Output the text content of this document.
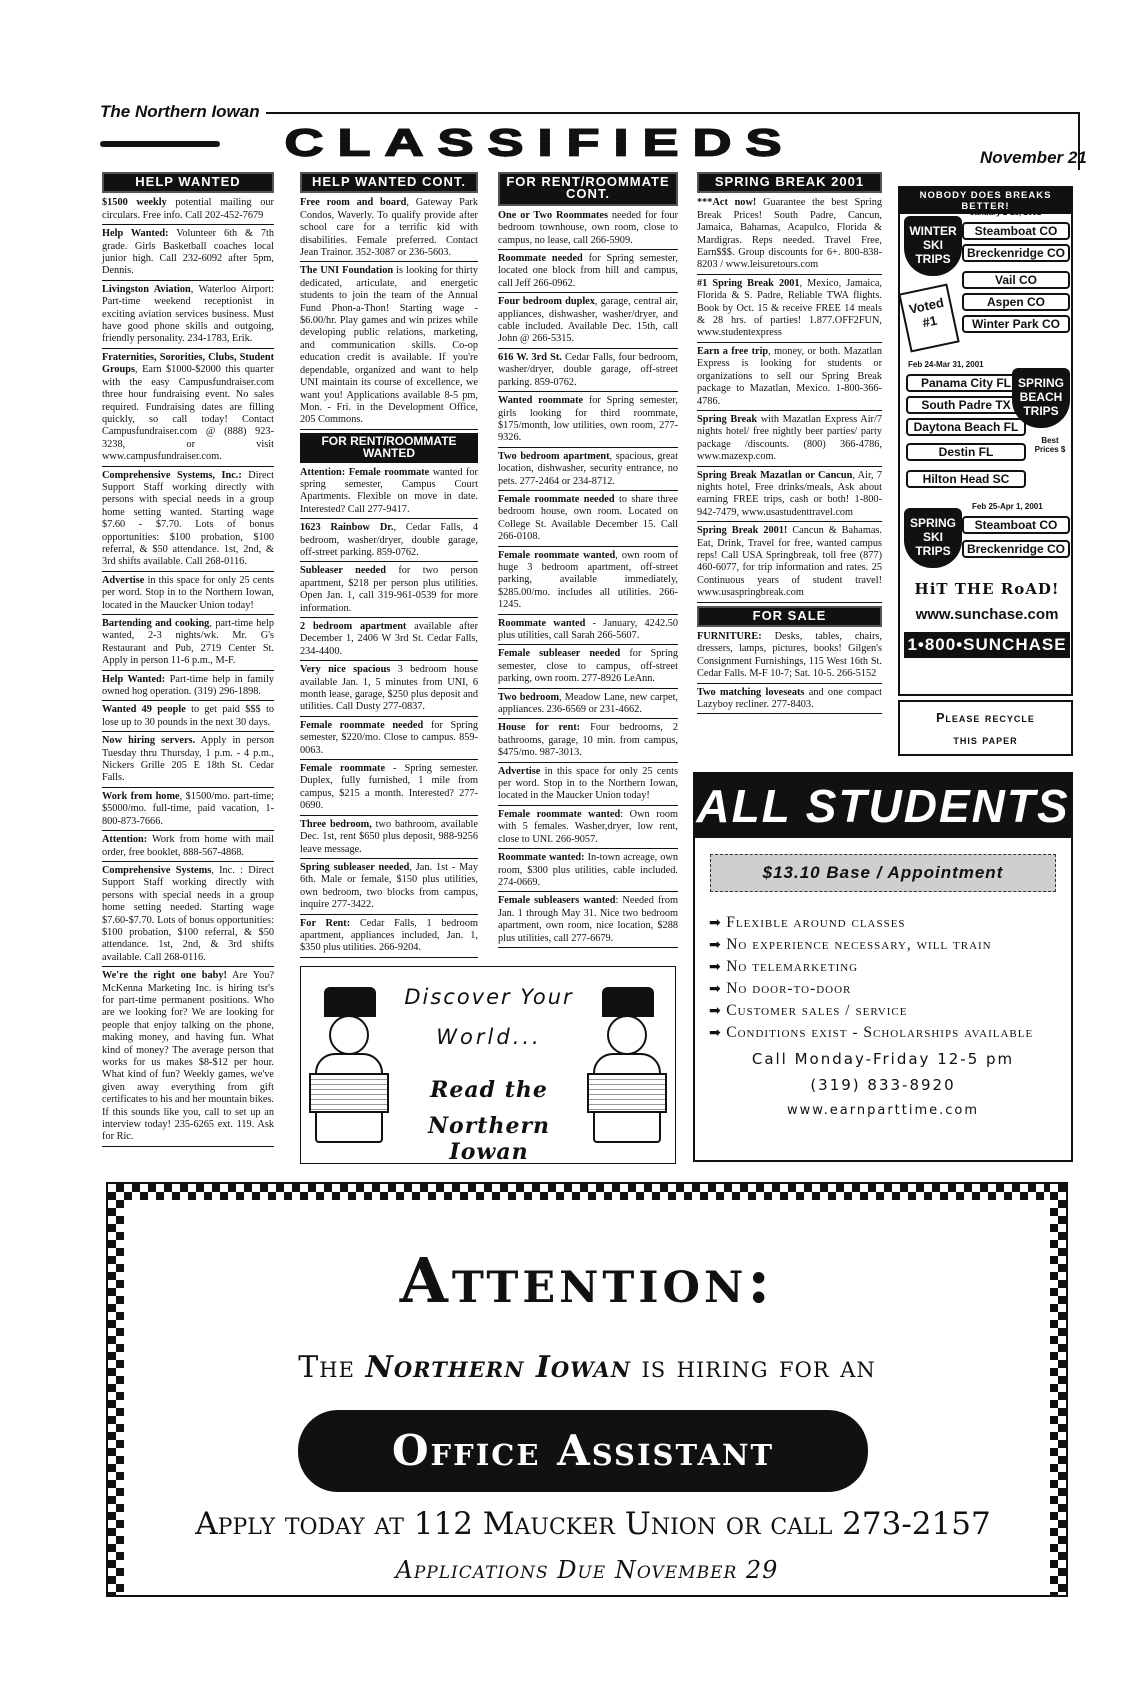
The Northern Iowan
CLASSIFIEDS	November 21
HELP WANTED

$1500 weekly potential mailing our circulars. Free info. Call 202-452-7679

Help Wanted: Volunteer 6th & 7th grade. Girls Basketball coaches local junior high. Call 232-6092 after 5pm, Dennis.

Livingston Aviation, Waterloo Airport: Part-time weekend receptionist in exciting aviation services business. Must have good phone skills and outgoing, friendly personality. 234-1783, Erik.

Fraternities, Sororities, Clubs, Student Groups, Earn $1000-$2000 this quarter with the easy Campusfundraiser.com three hour fundraising event. No sales required. Fundraising dates are filling quickly, so call today! Contact Campusfundraiser.com @ (888) 923-3238, or visit www.campusfundraiser.com.

Comprehensive Systems, Inc.: Direct Support Staff working directly with persons with special needs in a group home setting wanted. Starting wage $7.60 - $7.70. Lots of bonus opportunities: $100 probation, $100 referral, & $50 attendance. 1st, 2nd, & 3rd shifts available. Call 268-0116.

Advertise in this space for only 25 cents per word. Stop in to the Northern Iowan, located in the Maucker Union today!

Bartending and cooking, part-time help wanted, 2-3 nights/wk. Mr. G's Restaurant and Pub, 2719 Center St. Apply in person 11-6 p.m., M-F.

Help Wanted: Part-time help in family owned hog operation. (319) 296-1898.

Wanted 49 people to get paid $$$ to lose up to 30 pounds in the next 30 days.

Now hiring servers. Apply in person Tuesday thru Thursday, 1 p.m. - 4 p.m., Nickers Grille 205 E 18th St. Cedar Falls.

Work from home, $1500/mo. part-time; $5000/mo. full-time, paid vacation, 1-800-873-7666.

Attention: Work from home with mail order, free booklet, 888-567-4868.

Comprehensive Systems, Inc. : Direct Support Staff working directly with persons with special needs in a group home setting needed. Starting wage $7.60-$7.70. Lots of bonus opportunities: $100 probation, $100 referral, & $50 attendance. 1st, 2nd, & 3rd shifts available. Call 268-0116.

We're the right one baby! Are You? McKenna Marketing Inc. is hiring tsr's for part-time permanent positions. Who are we looking for? We are looking for people that enjoy talking on the phone, making money, and having fun. What kind of money? The average person that works for us makes $8-$12 per hour. What kind of fun? Weekly games, we've given away everything from gift certificates to his and her mountain bikes. If this sounds like you, call to set up an interview today! 235-6265 ext. 119. Ask for Ric.

HELP WANTED CONT.

Free room and board, Gateway Park Condos, Waverly. To qualify provide after school care for a terrific kid with disabilities. Female preferred. Contact Jean Trainor. 352-3087 or 236-5603.

The UNI Foundation is looking for thirty dedicated, articulate, and energetic students to join the team of the Annual Fund Phon-a-Thon! Starting wage - $6.00/hr. Play games and win prizes while developing public relations, marketing, and communication skills. Co-op education credit is available. If you're dependable, organized and want to help UNI maintain its course of excellence, we want you! Applications available 8-5 pm, Mon. - Fri. in the Development Office, 205 Commons.

FOR RENT/ROOMMATE WANTED

Attention: Female roommate wanted for spring semester, Campus Court Apartments. Flexible on move in date. Interested? Call 277-9417.

1623 Rainbow Dr., Cedar Falls, 4 bedroom, washer/dryer, double garage, off-street parking. 859-0762.

Subleaser needed for two person apartment, $218 per person plus utilities. Open Jan. 1, call 319-961-0539 for more information.

2 bedroom apartment available after December 1, 2406 W 3rd St. Cedar Falls, 234-4400.

Very nice spacious 3 bedroom house available Jan. 1, 5 minutes from UNI, 6 month lease, garage, $250 plus deposit and utilities. Call Dusty 277-0837.

Female roommate needed for Spring semester, $220/mo. Close to campus. 859-0063.

Female roommate - Spring semester. Duplex, fully furnished, 1 mile from campus, $215 a month. Interested? 277-0690.

Three bedroom, two bathroom, available Dec. 1st, rent $650 plus deposit, 988-9256 leave message.

Spring subleaser needed, Jan. 1st - May 6th. Male or female, $150 plus utilities, own bedroom, two blocks from campus, inquire 277-3422.

For Rent: Cedar Falls, 1 bedroom apartment, appliances included, Jan. 1, $350 plus utilities. 266-9204.

FOR RENT/ROOMMATE CONT.

One or Two Roommates needed for four bedroom townhouse, own room, close to campus, no lease, call 266-5909.

Roommate needed for Spring semester, located one block from hill and campus, call Jeff 266-0962.

Four bedroom duplex, garage, central air, appliances, dishwasher, washer/dryer, and cable included. Available Dec. 15th, call John @ 266-5315.

616 W. 3rd St. Cedar Falls, four bedroom, washer/dryer, double garage, off-street parking. 859-0762.

Wanted roommate for Spring semester, girls looking for third roommate, $175/month, low utilities, own room, 277-9326.

Two bedroom apartment, spacious, great location, dishwasher, security entrance, no pets. 277-2464 or 234-8712.

Female roommate needed to share three bedroom house, own room. Located on College St. Available December 15. Call 266-0108.

Female roommate wanted, own room of huge 3 bedroom apartment, off-street parking, available immediately, $285.00/mo. includes all utilities. 266-1245.

Roommate wanted - January, 4242.50 plus utilities, call Sarah 266-5607.

Female subleaser needed for Spring semester, close to campus, off-street parking, own room. 277-8926 LeAnn.

Two bedroom, Meadow Lane, new carpet, appliances. 236-6569 or 231-4662.

House for rent: Four bedrooms, 2 bathrooms, garage, 10 min. from campus, $475/mo. 987-3013.

Advertise in this space for only 25 cents per word. Stop in to the Northern Iowan, located in the Maucker Union today!

Female roommate wanted: Own room with 5 females. Washer,dryer, low rent, close to UNI. 266-9057.

Roommate wanted: In-town acreage, own room, $300 plus utilities, cable included. 274-0669.

Female subleasers wanted: Needed from Jan. 1 through May 31. Nice two bedroom apartment, own room, nice location, $288 plus utilities, call 277-6679.

SPRING BREAK 2001

***Act now! Guarantee the best Spring Break Prices! South Padre, Cancun, Jamaica, Bahamas, Acapulco, Florida & Mardigras. Reps needed. Travel Free, Earn$$$. Group discounts for 6+. 800-838-8203 / www.leisuretours.com

#1 Spring Break 2001, Mexico, Jamaica, Florida & S. Padre, Reliable TWA flights. Book by Oct. 15 & receive FREE 14 meals & 28 hrs. of parties! 1.877.OFF2FUN, www.studentexpress

Earn a free trip, money, or both. Mazatlan Express is looking for students or organizations to sell our Spring Break package to Mazatlan, Mexico. 1-800-366-4786.

Spring Break with Mazatlan Express Air/7 nights hotel/ free nightly beer parties/ party package /discounts. (800) 366-4786, www.mazexp.com.

Spring Break Mazatlan or Cancun, Air, 7 nights hotel, Free drinks/meals, Ask about earning FREE trips, cash or both! 1-800-942-7479, www.usastudenttravel.com

Spring Break 2001! Cancun & Bahamas. Eat, Drink, Travel for free, wanted campus reps! Call USA Springbreak, toll free (877) 460-6077, for trip information and rates. 25 Continuous years of student travel! www.usaspringbreak.com

FOR SALE

FURNITURE: Desks, tables, chairs, dressers, lamps, pictures, books! Gilgen's Consignment Furnishings, 115 West 16th St. Cedar Falls. M-F 10-7; Sat. 10-5. 266-5152

Two matching loveseats and one compact Lazyboy recliner. 277-8403.

NOBODY DOES BREAKS BETTER!
WINTER SKI TRIPS
January 2-15, 2001
Steamboat CO
Breckenridge CO
Vail CO
Aspen CO
Winter Park CO
Voted #1
Feb 24-Mar 31, 2001
Panama City FL
South Padre TX
Daytona Beach FL
Destin FL
Hilton Head SC
SPRING BEACH TRIPS
Best Prices $
SPRING SKI TRIPS
Feb 25-Apr 1, 2001
Steamboat CO
Breckenridge CO
HiT THE RoAD!
www.sunchase.com
1•800•SUNCHASE
Please recycle
this paper
ALL STUDENTS
$13.10 Base / Appointment
➡ Flexible around classes
➡ No experience necessary, will train
➡ No telemarketing
➡ No door-to-door
➡ Customer sales / service
➡ Conditions exist - Scholarships available
Call Monday-Friday 12-5 pm
(319) 833-8920
www.earnparttime.com
Discover Your
World...
Read the
Northern Iowan
Attention:
The Northern Iowan is hiring for an
Office Assistant
Apply today at 112 Maucker Union or call 273-2157
Applications Due November 29
